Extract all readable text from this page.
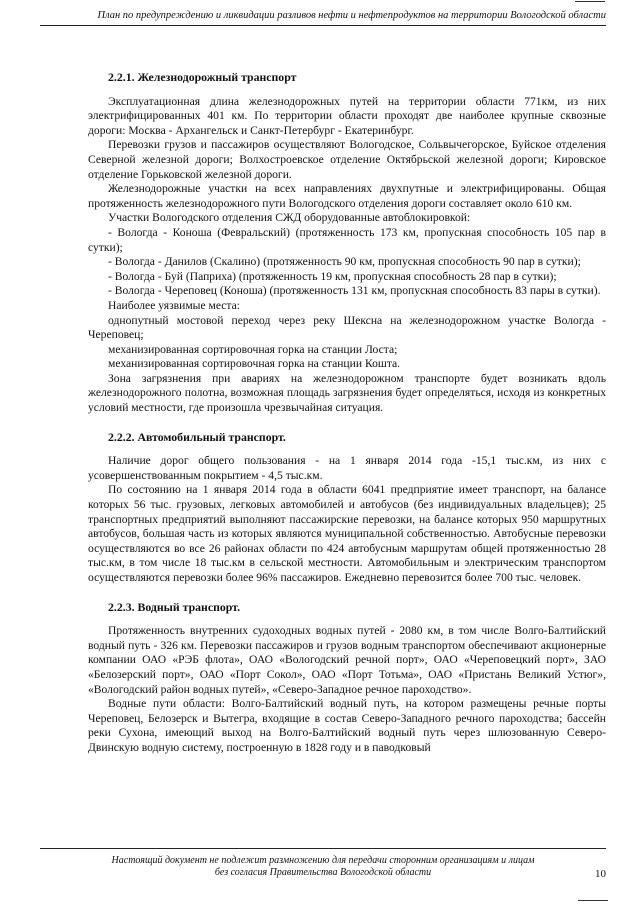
План по предупреждению и ликвидации разливов нефти и нефтепродуктов на территории Вологодской области
2.2.1. Железнодорожный транспорт

Эксплуатационная длина железнодорожных путей на территории области 771км, из них электрифицированных 401 км. По территории области проходят две наиболее крупные сквозные дороги: Москва - Архангельск и Санкт-Петербург - Екатеринбург.

Перевозки грузов и пассажиров осуществляют Вологодское, Сольвычегорское, Буйское отделения Северной железной дороги; Волхостроевское отделение Октябрьской железной дороги; Кировское отделение Горьковской железной дороги.

Железнодорожные участки на всех направлениях двухпутные и электрифицированы. Общая протяженность железнодорожного пути Вологодского отделения дороги составляет около 610 км.

Участки Вологодского отделения СЖД оборудованные автоблокировкой:

- Вологда - Коноша (Февральский) (протяженность 173 км, пропускная способность 105 пар в сутки);

- Вологда - Данилов (Скалино) (протяженность 90 км, пропускная способность 90 пар в сутки);

- Вологда - Буй (Паприха) (протяженность 19 км, пропускная способность 28 пар в сутки);

- Вологда - Череповец (Коноша) (протяженность 131 км, пропускная способность 83 пары в сутки).

Наиболее уязвимые места:

однопутный мостовой переход через реку Шексна на железнодорожном участке Вологда - Череповец;

механизированная сортировочная горка на станции Лоста;

механизированная сортировочная горка на станции Кошта.

Зона загрязнения при авариях на железнодорожном транспорте будет возникать вдоль железнодорожного полотна, возможная площадь загрязнения будет определяться, исходя из конкретных условий местности, где произошла чрезвычайная ситуация.

2.2.2. Автомобильный транспорт.

Наличие дорог общего пользования - на 1 января 2014 года -15,1 тыс.км, из них с усовершенствованным покрытием - 4,5 тыс.км.

По состоянию на 1 января 2014 года в области 6041 предприятие имеет транспорт, на балансе которых 56 тыс. грузовых, легковых автомобилей и автобусов (без индивидуальных владельцев); 25 транспортных предприятий выполняют пассажирские перевозки, на балансе которых 950 маршрутных автобусов, большая часть из которых являются муниципальной собственностью. Автобусные перевозки осуществляются во все 26 районах области по 424 автобусным маршрутам общей протяженностью 28 тыс.км, в том числе 18 тыс.км в сельской местности. Автомобильным и электрическим транспортом осуществляются перевозки более 96% пассажиров. Ежедневно перевозится более 700 тыс. человек.

2.2.3. Водный транспорт.

Протяженность внутренних судоходных водных путей - 2080 км, в том числе Волго-Балтийский водный путь - 326 км. Перевозки пассажиров и грузов водным транспортом обеспечивают акционерные компании ОАО «РЭБ флота», ОАО «Вологодский речной порт», ОАО «Череповецкий порт», ЗАО «Белозерский порт», ОАО «Порт Сокол», ОАО «Порт Тотьма», ОАО «Пристань Великий Устюг», «Вологодский район водных путей», «Северо-Западное речное пароходство».

Водные пути области: Волго-Балтийский водный путь, на котором размещены речные порты Череповец, Белозерск и Вытегра, входящие в состав Северо-Западного речного пароходства; бассейн реки Сухона, имеющий выход на Волго-Балтийский водный путь через шлюзованную Северо-Двинскую водную систему, построенную в 1828 году и в паводковый

Настоящий документ не подлежит размножению для передачи сторонним организациям и лицам
без согласия Правительства Вологодской области	10
